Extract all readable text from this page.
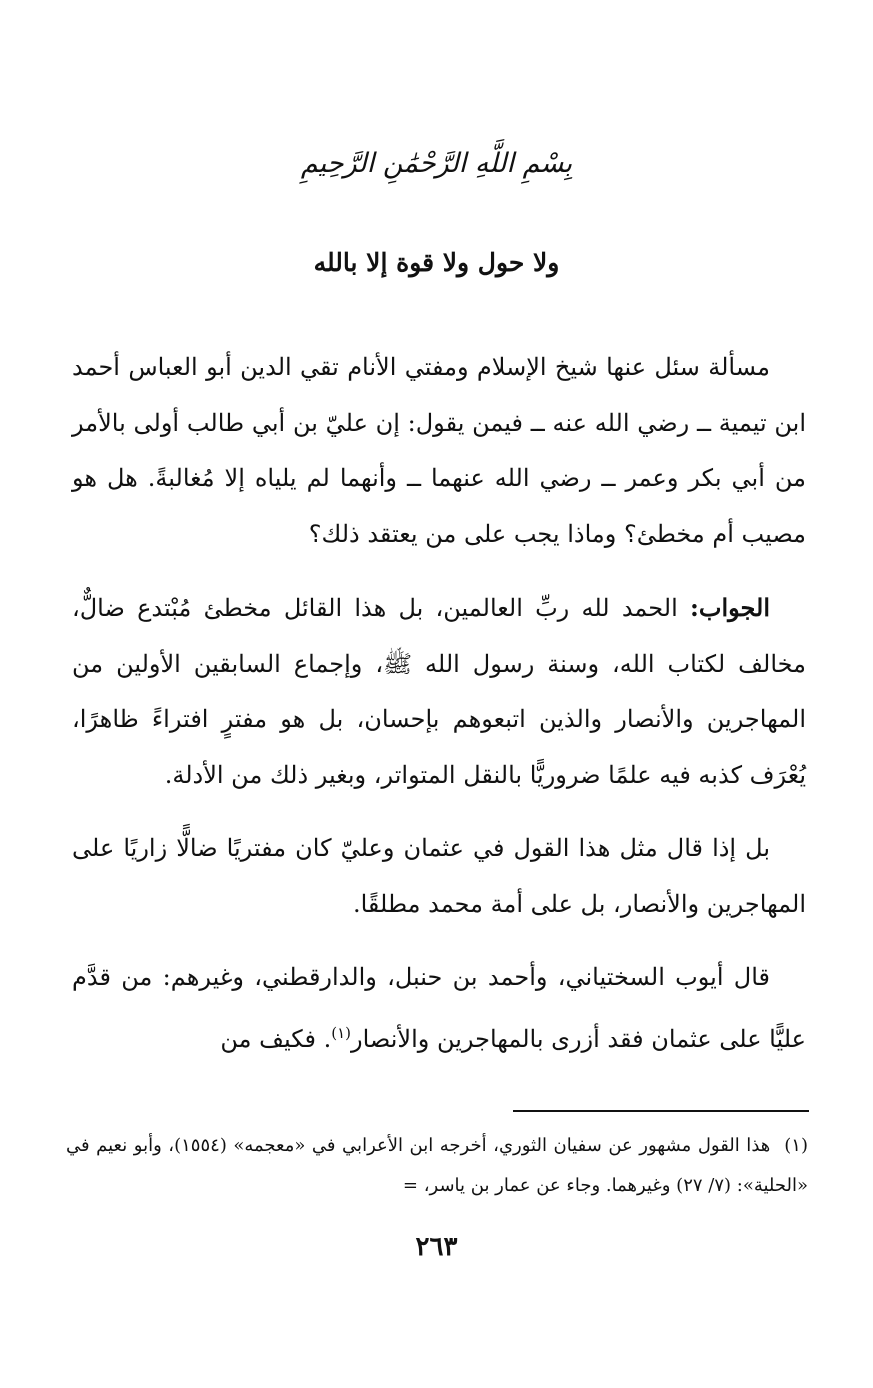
بِسْمِ اللَّهِ الرَّحْمَٰنِ الرَّحِيمِ
ولا حول ولا قوة إلا بالله

مسألة سئل عنها شيخ الإسلام ومفتي الأنام تقي الدين أبو العباس أحمد ابن تيمية ــ رضي الله عنه ــ فيمن يقول: إن عليّ بن أبي طالب أولى بالأمر من أبي بكر وعمر ــ رضي الله عنهما ــ وأنهما لم يلياه إلا مُغالبةً. هل هو مصيب أم مخطئ؟ وماذا يجب على من يعتقد ذلك؟

الجواب: الحمد لله ربِّ العالمين، بل هذا القائل مخطئ مُبْتدع ضالٌّ، مخالف لكتاب الله، وسنة رسول الله ﷺ، وإجماع السابقين الأولين من المهاجرين والأنصار والذين اتبعوهم بإحسان، بل هو مفترٍ افتراءً ظاهرًا، يُعْرَف كذبه فيه علمًا ضروريًّا بالنقل المتواتر، وبغير ذلك من الأدلة.

بل إذا قال مثل هذا القول في عثمان وعليّ كان مفتريًا ضالًّا زاريًا على المهاجرين والأنصار، بل على أمة محمد مطلقًا.

قال أيوب السختياني، وأحمد بن حنبل، والدارقطني، وغيرهم: من قدَّم عليًّا على عثمان فقد أزرى بالمهاجرين والأنصار$^{(١)}$. فكيف من

(١)هذا القول مشهور عن سفيان الثوري، أخرجه ابن الأعرابي في «معجمه» (١٥٥٤)، وأبو نعيم في «الحلية»: (٧/ ٢٧) وغيرهما. وجاء عن عمار بن ياسر، =
٢٦٣
